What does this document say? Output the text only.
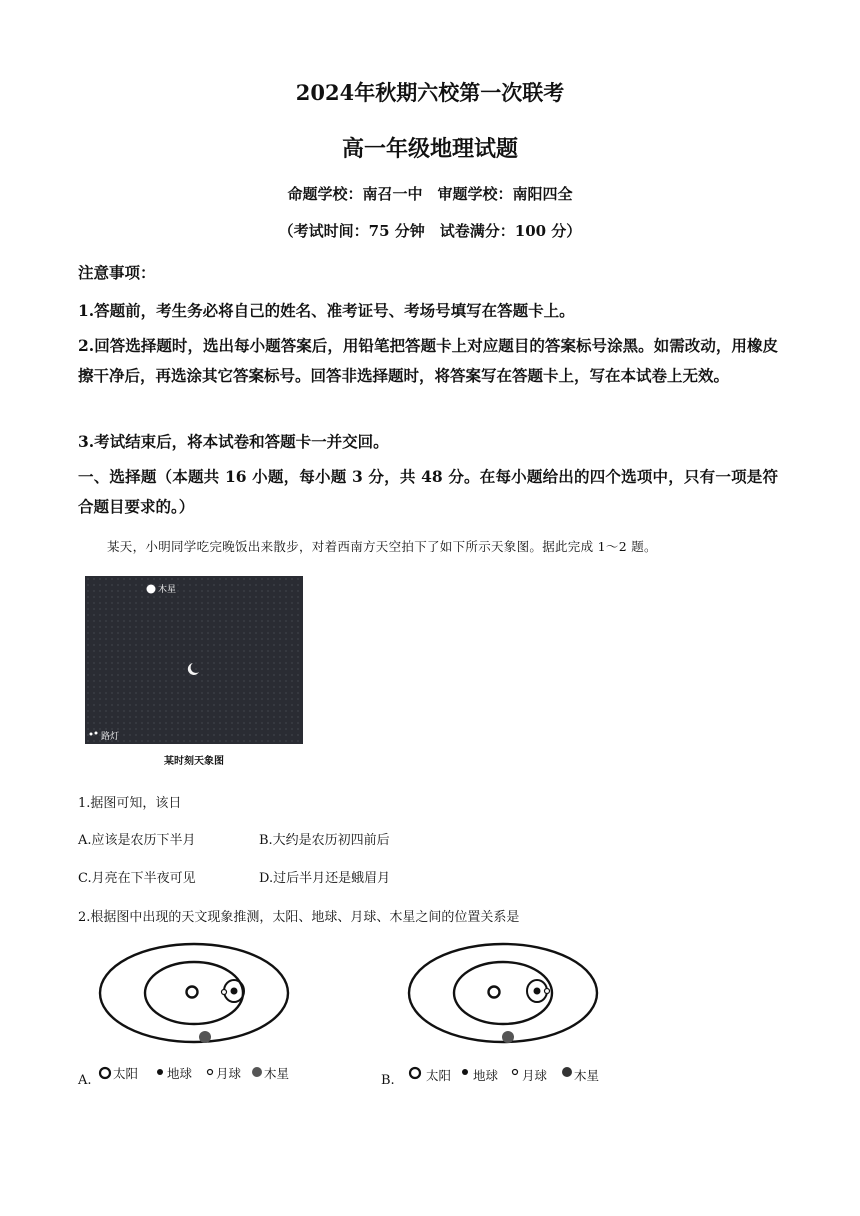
2024年秋期六校第一次联考
高一年级地理试题
命题学校：南召一中　审题学校：南阳四全
（考试时间：75 分钟　试卷满分：100 分）
注意事项：
1.答题前，考生务必将自己的姓名、准考证号、考场号填写在答题卡上。
2.回答选择题时，选出每小题答案后，用铅笔把答题卡上对应题目的答案标号涂黑。如需改动，用橡皮擦干净后，再选涂其它答案标号。回答非选择题时，将答案写在答题卡上，写在本试卷上无效。
3.考试结束后，将本试卷和答题卡一并交回。
一、选择题（本题共 16 小题，每小题 3 分，共 48 分。在每小题给出的四个选项中，只有一项是符合题目要求的。）
某天，小明同学吃完晚饭出来散步，对着西南方天空拍下了如下所示天象图。据此完成 1～2 题。
木星
路灯
某时刻天象图
1.据图可知，该日
A.应该是农历下半月	B.大约是农历初四前后
C.月亮在下半夜可见	D.过后半月还是蛾眉月
2.根据图中出现的天文现象推测，太阳、地球、月球、木星之间的位置关系是
太阳 地球 月球 木星
A.	太阳 地球 月球 木星
B.
